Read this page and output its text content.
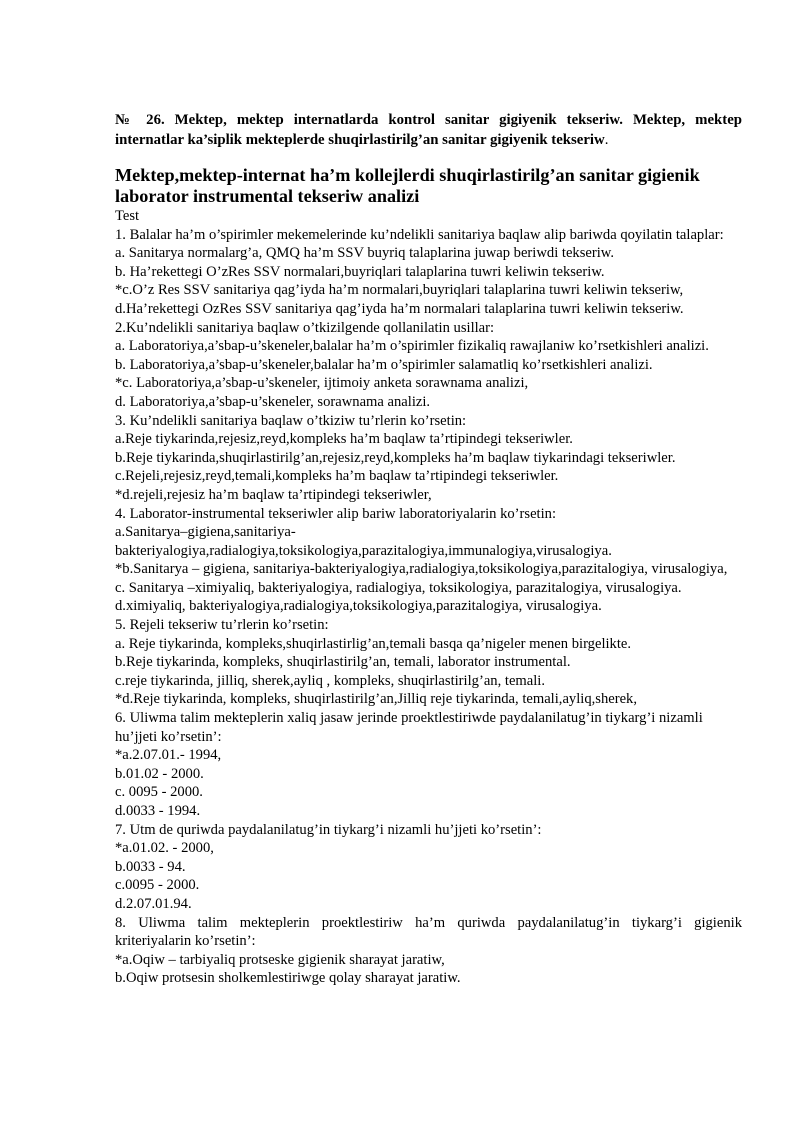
№ 26. Mektep, mektep internatlarda kontrol sanitar gigiyenik tekseriw. Mektep, mektep internatlar ka’siplik mekteplerde shuqirlastirilg’an sanitar gigiyenik tekseriw.

Mektep,mektep-internat ha’m kollejlerdi shuqirlastirilg’an sanitar gigienik laborator instrumental tekseriw analizi

Test

1. Balalar ha’m o’spirimler mekemelerinde ku’ndelikli sanitariya baqlaw alip bariwda qoyilatin talaplar:

a. Sanitarya normalarg’a, QMQ ha’m SSV buyriq talaplarina juwap beriwdi tekseriw.

b. Ha’rekettegi O’zRes SSV normalari,buyriqlari talaplarina tuwri keliwin tekseriw.

*c.O’z Res SSV sanitariya qag’iyda ha’m normalari,buyriqlari talaplarina tuwri keliwin tekseriw,

d.Ha’rekettegi OzRes SSV sanitariya qag’iyda ha’m normalari talaplarina tuwri keliwin tekseriw.

2.Ku’ndelikli sanitariya baqlaw o’tkizilgende qollanilatin usillar:

a. Laboratoriya,a’sbap-u’skeneler,balalar ha’m o’spirimler fizikaliq rawajlaniw ko’rsetkishleri analizi.

b. Laboratoriya,a’sbap-u’skeneler,balalar ha’m o’spirimler salamatliq ko’rsetkishleri analizi.

*c. Laboratoriya,a’sbap-u’skeneler, ijtimoiy anketa sorawnama analizi,

d. Laboratoriya,a’sbap-u’skeneler, sorawnama analizi.

3. Ku’ndelikli sanitariya baqlaw o’tkiziw tu’rlerin ko’rsetin:

a.Reje tiykarinda,rejesiz,reyd,kompleks ha’m baqlaw ta’rtipindegi tekseriwler.

b.Reje tiykarinda,shuqirlastirilg’an,rejesiz,reyd,kompleks ha’m baqlaw tiykarindagi tekseriwler.

c.Rejeli,rejesiz,reyd,temali,kompleks ha’m baqlaw ta’rtipindegi tekseriwler.

*d.rejeli,rejesiz ha’m baqlaw ta’rtipindegi tekseriwler,

4. Laborator-instrumental tekseriwler alip bariw laboratoriyalarin ko’rsetin:

a.Sanitarya–gigiena,sanitariya-

bakteriyalogiya,radialogiya,toksikologiya,parazitalogiya,immunalogiya,virusalogiya.

*b.Sanitarya – gigiena, sanitariya-bakteriyalogiya,radialogiya,toksikologiya,parazitalogiya, virusalogiya,

c. Sanitarya –ximiyaliq, bakteriyalogiya, radialogiya, toksikologiya, parazitalogiya, virusalogiya.

d.ximiyaliq, bakteriyalogiya,radialogiya,toksikologiya,parazitalogiya, virusalogiya.

5. Rejeli tekseriw tu’rlerin ko’rsetin:

a. Reje tiykarinda, kompleks,shuqirlastirlig’an,temali basqa qa’nigeler menen birgelikte.

b.Reje tiykarinda, kompleks, shuqirlastirilg’an, temali, laborator instrumental.

c.reje tiykarinda, jilliq, sherek,ayliq , kompleks, shuqirlastirilg’an, temali.

*d.Reje tiykarinda, kompleks, shuqirlastirilg’an,Jilliq reje tiykarinda, temali,ayliq,sherek,

6. Uliwma talim mekteplerin xaliq jasaw jerinde proektlestiriwde paydalanilatug’in tiykarg’i nizamli hu’jjeti ko’rsetin’:

*a.2.07.01.- 1994,

b.01.02 - 2000.

c. 0095 - 2000.

d.0033 - 1994.

7. Utm de quriwda paydalanilatug’in tiykarg’i nizamli hu’jjeti ko’rsetin’:

*a.01.02. - 2000,

b.0033 - 94.

c.0095 - 2000.

d.2.07.01.94.

8. Uliwma talim mekteplerin proektlestiriw ha’m quriwda paydalanilatug’in tiykarg’i gigienik kriteriyalarin ko’rsetin’:

*a.Oqiw – tarbiyaliq protseske gigienik sharayat jaratiw,

b.Oqiw protsesin sholkemlestiriwge qolay sharayat jaratiw.
